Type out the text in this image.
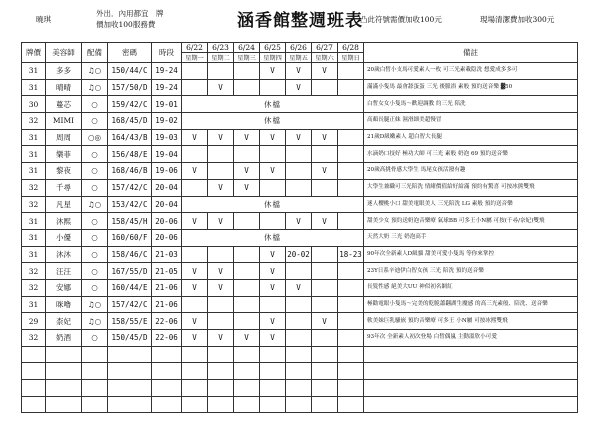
曉琪
外出．內用都宜　牌
價加收100服務費	涵香館整週班表
凸此符號需價加收100元	現場清潔費加收300元
牌價	美容師	配備	密碼	時段	6/22	6/23	6/24	6/25	6/26	6/27	6/28	備註
					星期一	星期二	星期三	星期四	星期五	星期六	星期日	
31	多多	♫○	150/44/C	19-24				V	V	V		20歲白皙小支馬可愛素人一枚 可三光素載隐洗 想愛成多多可
31	晴晴	♫○	157/50/D	19-24		V			V			滿滿小隻馬 最會舔蛋蛋 三光 後脈浴 素般 預約送音樂 ▓50
30	蔓芯	○	159/42/C	19-01	休檔							白皙女女小隻馬～歡迎調教 約三光 陪洗
32	MIMI	○	168/45/D	19-02	休檔							高顏長腿正妹 濕滑細美超慢冒
31	周周	○◎	164/43/B	19-03	V	V	V	V	V	V		21歲D級嫩素人 超白智大長腿
31	樂菲	○	156/48/E	19-04								水滴奶口技好 極功大師 可三光 素般 奶泡 69 預約送音樂
31	黎夜	○	168/46/B	19-06	V		V	V		V		20歲高挑骨感大學生 馬尾女孩活潑有趣
32	千尋	○	157/42/C	20-04		V	V					大學生兼職可三光陪洗 情緒價值給好給滿 預約有驚喜 可按冰熊雙飛
32	凡星	♫○	153/42/C	20-04	休檔							迷人櫻桃小口 甜美電眼美人 三光陪洗 LG 素般 預約送音樂
31	沐熙	○	158/45/H	20-06	V	V			V	V		甜美少女 預約送奶泡音樂療 氣球BB 可多王小N屬 可按(千尋/奈妃)雙飛
31	小優	○	160/60/F	20-06	休檔							天然大奶 三光 奶泡高手
31	沐沐	○	158/46/C	21-03				V	20-02		18-23	90年次全新素人D級貓 甜美可愛小隻馬 等你來掌控
32	汪汪	○	167/55/D	21-05	V	V		V				23Y日系辛迪伊白智女孩 三光 陪洗 預約送音樂
32	安娜	○	160/44/E	21-06	V	V		V	V			長髮性感 絕美大UU 神似初名網紅
31	咪嚕	♫○	157/42/C	21-06								極勸電眼小隻馬～完美的乾脆蕭翻湖生魔感 的高三光素般、陪洗、送音樂
29	柰妃	♫○	158/55/E	22-06	V			V		V		軟美妹巨乳騷嵌 預約音樂療 可多王 小N屬 可按冰熙雙飛
32	奶酒	○	150/45/D	22-06	V	V	V	V				93年次 全新素人初次登場 白皙偶嵐 主動溫欣小可愛
